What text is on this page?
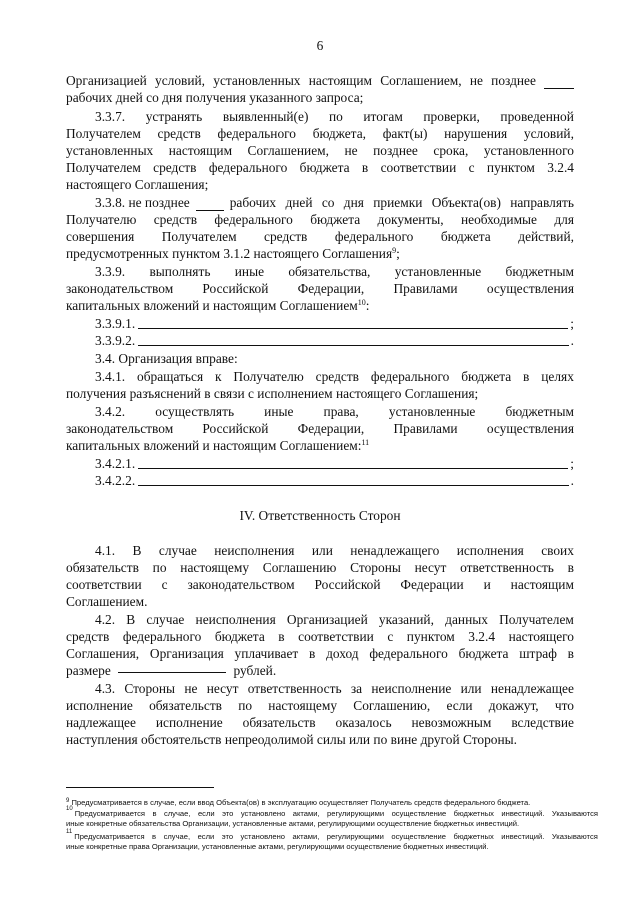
6
Организацией условий, установленных настоящим Соглашением, не позднее
рабочих дней со дня получения указанного запроса;
3.3.7. устранять выявленный(е) по итогам проверки, проведенной
Получателем средств федерального бюджета, факт(ы) нарушения условий,
установленных настоящим Соглашением, не позднее срока, установленного
Получателем средств федерального бюджета в соответствии с пунктом 3.2.4
настоящего Соглашения;
3.3.8. не позднее	рабочих дней со дня приемки Объекта(ов) направлять
Получателю средств федерального бюджета документы, необходимые для
совершения Получателем средств федерального бюджета действий,
предусмотренных пунктом 3.1.2 настоящего Соглашения$^9$;
3.3.9. выполнять иные обязательства, установленные бюджетным
законодательством Российской Федерации, Правилами осуществления
капитальных вложений и настоящим Соглашением$^{10}$:
3.3.9.1.	;
3.3.9.2.	.
3.4. Организация вправе:
3.4.1. обращаться к Получателю средств федерального бюджета в целях
получения разъяснений в связи с исполнением настоящего Соглашения;
3.4.2. осуществлять иные права, установленные бюджетным
законодательством Российской Федерации, Правилами осуществления
капитальных вложений и настоящим Соглашением:$^{11}$
3.4.2.1.	;
3.4.2.2.	.
IV. Ответственность Сторон
4.1. В случае неисполнения или ненадлежащего исполнения своих
обязательств по настоящему Соглашению Стороны несут ответственность в
соответствии с законодательством Российской Федерации и настоящим
Соглашением.
4.2. В случае неисполнения Организацией указаний, данных Получателем
средств федерального бюджета в соответствии с пунктом 3.2.4 настоящего
Соглашения, Организация уплачивает в доход федерального бюджета штраф в
размере	рублей.
4.3. Стороны не несут ответственность за неисполнение или ненадлежащее
исполнение обязательств по настоящему Соглашению, если докажут, что
надлежащее исполнение обязательств оказалось невозможным вследствие
наступления обстоятельств непреодолимой силы или по вине другой Стороны.
$^9$ Предусматривается в случае, если ввод Объекта(ов) в эксплуатацию осуществляет Получатель средств федерального бюджета.
10 Предусматривается в случае, если это установлено актами, регулирующими осуществление бюджетных инвестиций. Указываются
иные конкретные обязательства Организации, установленные актами, регулирующими осуществление бюджетных инвестиций.
11 Предусматривается в случае, если это установлено актами, регулирующими осуществление бюджетных инвестиций. Указываются
иные конкретные права Организации, установленные актами, регулирующими осуществление бюджетных инвестиций.
